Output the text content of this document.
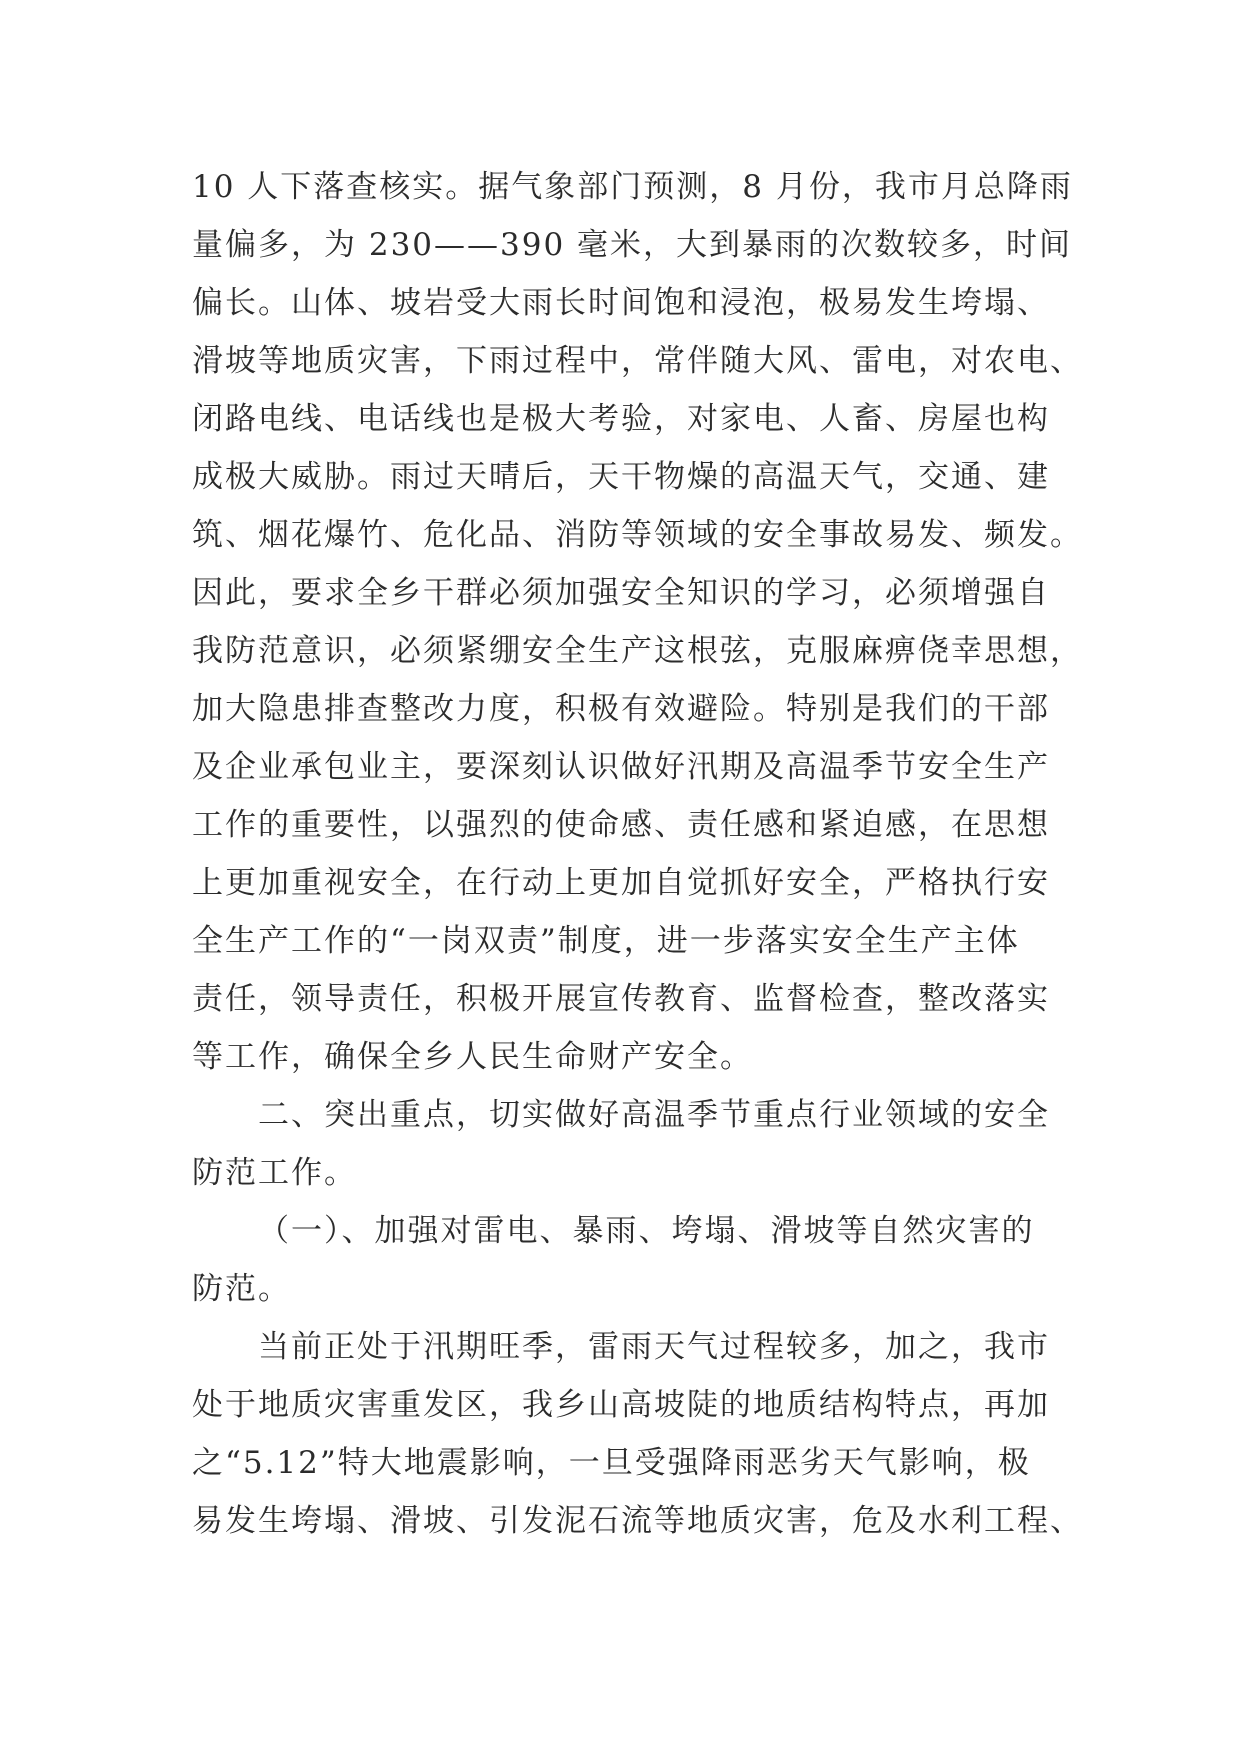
10 人下落查核实。据气象部门预测，8 月份，我市月总降雨
量偏多，为 230——390 毫米，大到暴雨的次数较多，时间
偏长。山体、坡岩受大雨长时间饱和浸泡，极易发生垮塌、
滑坡等地质灾害，下雨过程中，常伴随大风、雷电，对农电、
闭路电线、电话线也是极大考验，对家电、人畜、房屋也构
成极大威胁。雨过天晴后，天干物燥的高温天气，交通、建
筑、烟花爆竹、危化品、消防等领域的安全事故易发、频发。
因此，要求全乡干群必须加强安全知识的学习，必须增强自
我防范意识，必须紧绷安全生产这根弦，克服麻痹侥幸思想，
加大隐患排查整改力度，积极有效避险。特别是我们的干部
及企业承包业主，要深刻认识做好汛期及高温季节安全生产
工作的重要性，以强烈的使命感、责任感和紧迫感，在思想
上更加重视安全，在行动上更加自觉抓好安全，严格执行安
全生产工作的“一岗双责”制度，进一步落实安全生产主体
责任，领导责任，积极开展宣传教育、监督检查，整改落实
等工作，确保全乡人民生命财产安全。
二、突出重点，切实做好高温季节重点行业领域的安全
防范工作。
（一）、加强对雷电、暴雨、垮塌、滑坡等自然灾害的
防范。
当前正处于汛期旺季，雷雨天气过程较多，加之，我市
处于地质灾害重发区，我乡山高坡陡的地质结构特点，再加
之“5.12”特大地震影响，一旦受强降雨恶劣天气影响，极
易发生垮塌、滑坡、引发泥石流等地质灾害，危及水利工程、
